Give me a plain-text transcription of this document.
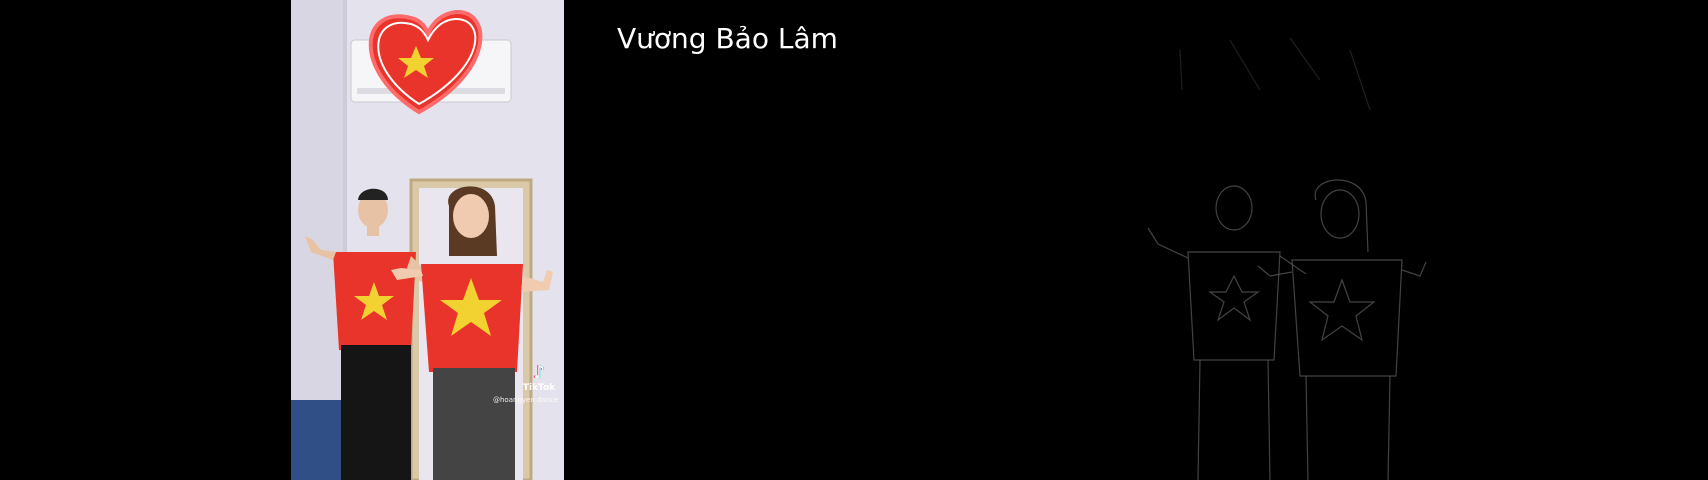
♪
TikTok
@hoangyen.dance
Vương Bảo Lâm
